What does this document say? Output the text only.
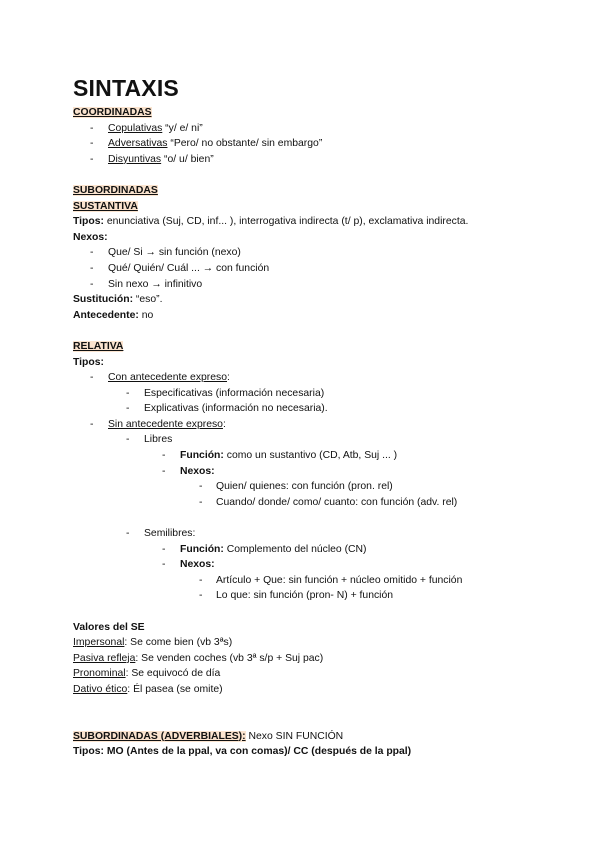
SINTAXIS
COORDINADAS
- Copulativas “y/ e/ ni”
- Adversativas “Pero/ no obstante/ sin embargo”
- Disyuntivas “o/ u/ bien”
SUBORDINADAS
SUSTANTIVA
Tipos: enunciativa (Suj, CD, inf... ), interrogativa indirecta (t/ p), exclamativa indirecta.
Nexos:
- Que/ Si → sin función (nexo)
- Qué/ Quién/ Cuál ... → con función
- Sin nexo → infinitivo
Sustitución: “eso”.
Antecedente: no
RELATIVA
Tipos:
- Con antecedente expreso:
- Especificativas (información necesaria)
- Explicativas (información no necesaria).
- Sin antecedente expreso:
- Libres
- Función: como un sustantivo (CD, Atb, Suj ... )
- Nexos:
- Quien/ quienes: con función (pron. rel)
- Cuando/ donde/ como/ cuanto: con función (adv. rel)
- Semilibres:
- Función: Complemento del núcleo (CN)
- Nexos:
- Artículo + Que: sin función + núcleo omitido + función
- Lo que: sin función (pron- N) + función
Valores del SE
Impersonal: Se come bien (vb 3ªs)
Pasiva refleja: Se venden coches (vb 3ª s/p + Suj pac)
Pronominal: Se equivocó de día
Dativo ético: Él pasea (se omite)
SUBORDINADAS (ADVERBIALES): Nexo SIN FUNCIÓN
Tipos: MO (Antes de la ppal, va con comas)/ CC (después de la ppal)
